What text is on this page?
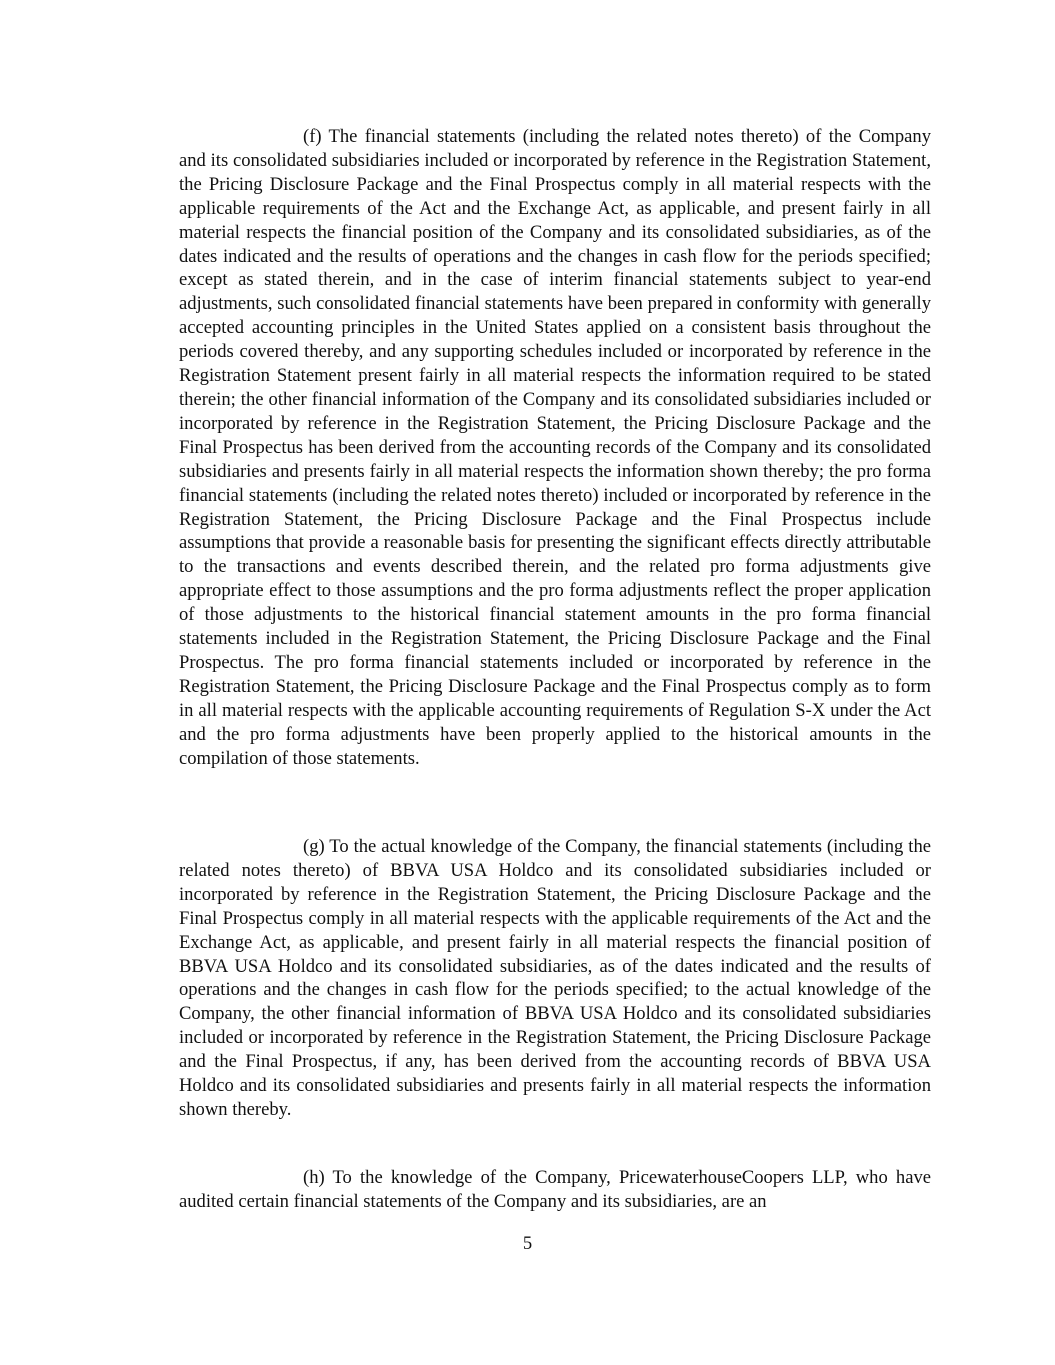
(f) The financial statements (including the related notes thereto) of the Company and its consolidated subsidiaries included or incorporated by reference in the Registration Statement, the Pricing Disclosure Package and the Final Prospectus comply in all material respects with the applicable requirements of the Act and the Exchange Act, as applicable, and present fairly in all material respects the financial position of the Company and its consolidated subsidiaries, as of the dates indicated and the results of operations and the changes in cash flow for the periods specified; except as stated therein, and in the case of interim financial statements subject to year-end adjustments, such consolidated financial statements have been prepared in conformity with generally accepted accounting principles in the United States applied on a consistent basis throughout the periods covered thereby, and any supporting schedules included or incorporated by reference in the Registration Statement present fairly in all material respects the information required to be stated therein; the other financial information of the Company and its consolidated subsidiaries included or incorporated by reference in the Registration Statement, the Pricing Disclosure Package and the Final Prospectus has been derived from the accounting records of the Company and its consolidated subsidiaries and presents fairly in all material respects the information shown thereby; the pro forma financial statements (including the related notes thereto) included or incorporated by reference in the Registration Statement, the Pricing Disclosure Package and the Final Prospectus include assumptions that provide a reasonable basis for presenting the significant effects directly attributable to the transactions and events described therein, and the related pro forma adjustments give appropriate effect to those assumptions and the pro forma adjustments reflect the proper application of those adjustments to the historical financial statement amounts in the pro forma financial statements included in the Registration Statement, the Pricing Disclosure Package and the Final Prospectus. The pro forma financial statements included or incorporated by reference in the Registration Statement, the Pricing Disclosure Package and the Final Prospectus comply as to form in all material respects with the applicable accounting requirements of Regulation S-X under the Act and the pro forma adjustments have been properly applied to the historical amounts in the compilation of those statements.

(g) To the actual knowledge of the Company, the financial statements (including the related notes thereto) of BBVA USA Holdco and its consolidated subsidiaries included or incorporated by reference in the Registration Statement, the Pricing Disclosure Package and the Final Prospectus comply in all material respects with the applicable requirements of the Act and the Exchange Act, as applicable, and present fairly in all material respects the financial position of BBVA USA Holdco and its consolidated subsidiaries, as of the dates indicated and the results of operations and the changes in cash flow for the periods specified; to the actual knowledge of the Company, the other financial information of BBVA USA Holdco and its consolidated subsidiaries included or incorporated by reference in the Registration Statement, the Pricing Disclosure Package and the Final Prospectus, if any, has been derived from the accounting records of BBVA USA Holdco and its consolidated subsidiaries and presents fairly in all material respects the information shown thereby.

(h) To the knowledge of the Company, PricewaterhouseCoopers LLP, who have audited certain financial statements of the Company and its subsidiaries, are an

5
